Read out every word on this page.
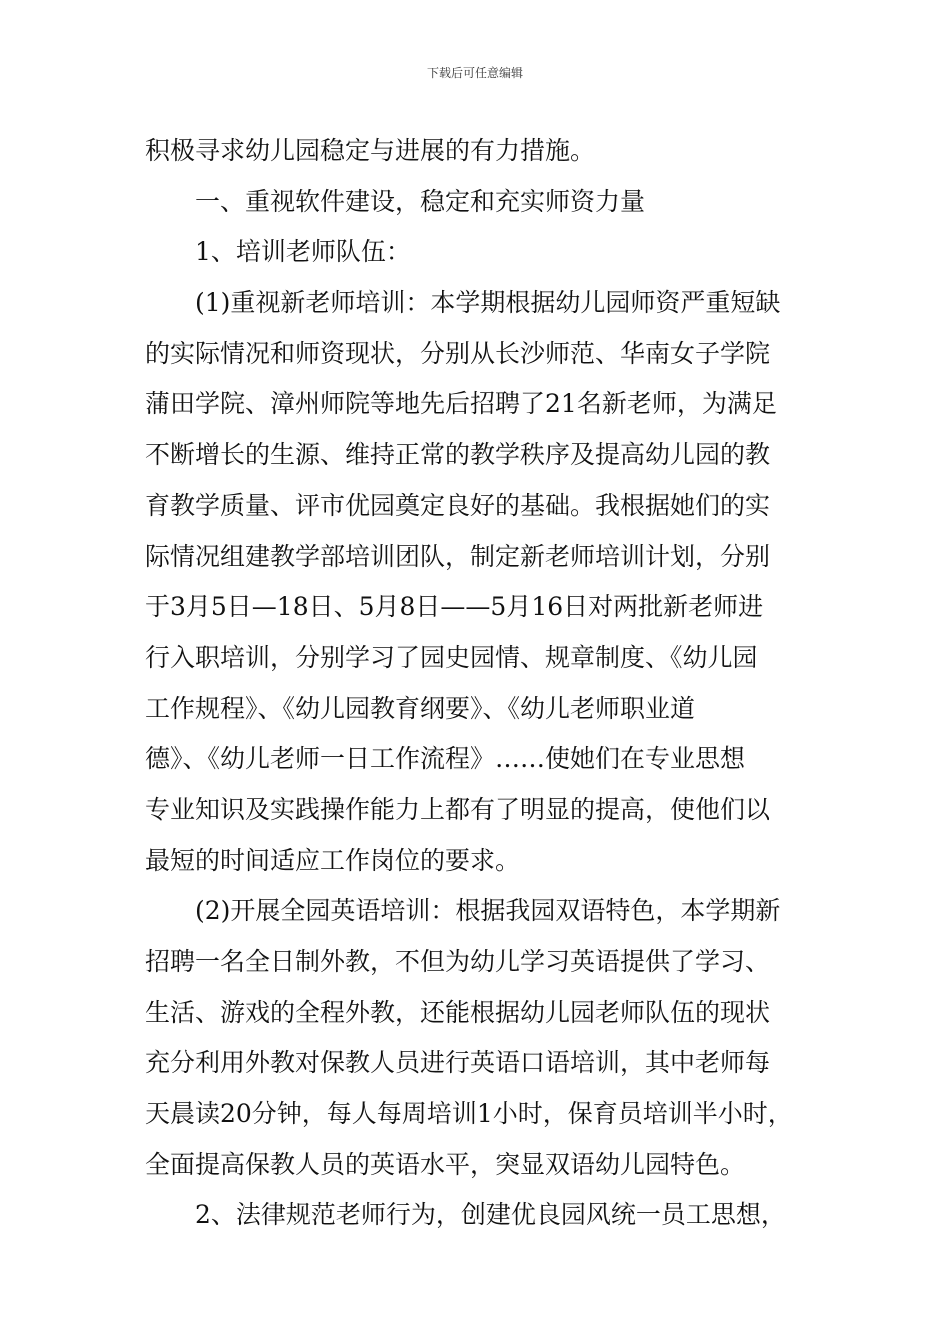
下载后可任意编辑
积极寻求幼儿园稳定与进展的有力措施。
一、重视软件建设，稳定和充实师资力量
1、培训老师队伍：
(1)重视新老师培训：本学期根据幼儿园师资严重短缺
的实际情况和师资现状，分别从长沙师范、华南女子学院
蒲田学院、漳州师院等地先后招聘了21名新老师，为满足
不断增长的生源、维持正常的教学秩序及提高幼儿园的教
育教学质量、评市优园奠定良好的基础。我根据她们的实
际情况组建教学部培训团队，制定新老师培训计划，分别
于3月5日—18日、5月8日——5月16日对两批新老师进
行入职培训，分别学习了园史园情、规章制度、《幼儿园
工作规程》、《幼儿园教育纲要》、《幼儿老师职业道
德》、《幼儿老师一日工作流程》……使她们在专业思想
专业知识及实践操作能力上都有了明显的提高，使他们以
最短的时间适应工作岗位的要求。
(2)开展全园英语培训：根据我园双语特色，本学期新
招聘一名全日制外教，不但为幼儿学习英语提供了学习、
生活、游戏的全程外教，还能根据幼儿园老师队伍的现状
充分利用外教对保教人员进行英语口语培训，其中老师每
天晨读20分钟，每人每周培训1小时，保育员培训半小时，
全面提高保教人员的英语水平，突显双语幼儿园特色。
2、法律规范老师行为，创建优良园风统一员工思想，
